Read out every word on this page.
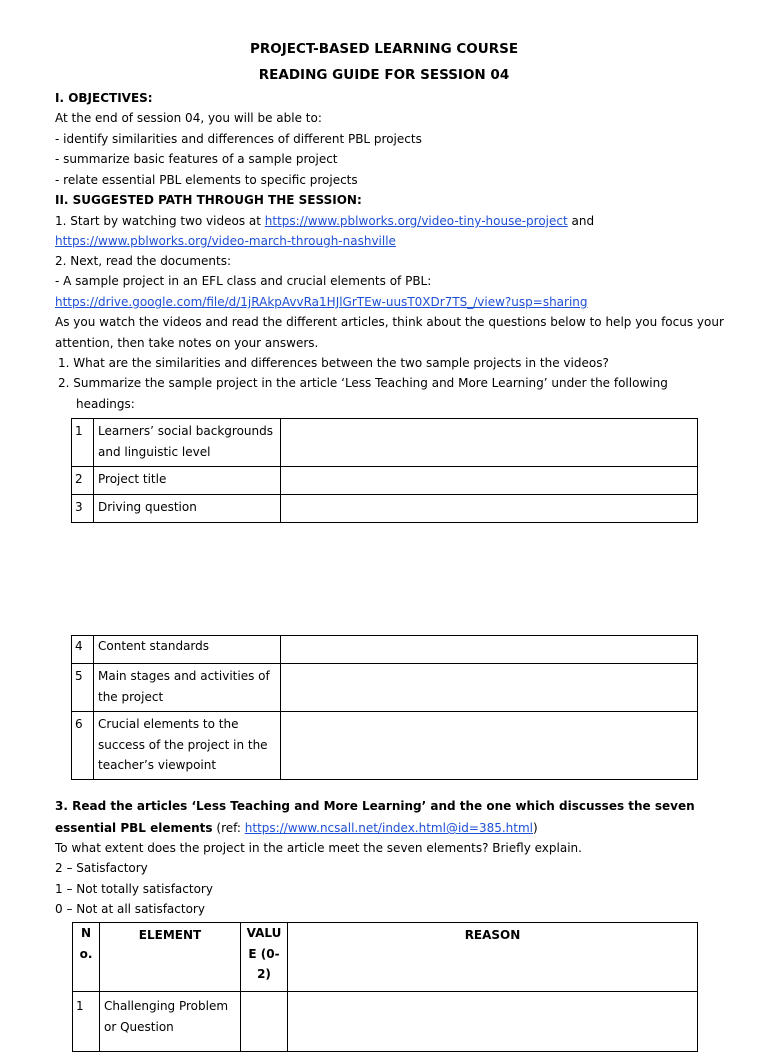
PROJECT-BASED LEARNING COURSE
READING GUIDE FOR SESSION 04
I. OBJECTIVES:
At the end of session 04, you will be able to:
- identify similarities and differences of different PBL projects
- summarize basic features of a sample project
- relate essential PBL elements to specific projects
II. SUGGESTED PATH THROUGH THE SESSION:
1. Start by watching two videos at https://www.pblworks.org/video-tiny-house-project and
https://www.pblworks.org/video-march-through-nashville
2. Next, read the documents:
- A sample project in an EFL class and crucial elements of PBL:
https://drive.google.com/file/d/1jRAkpAvvRa1HJlGrTEw-uusT0XDr7TS_/view?usp=sharing
As you watch the videos and read the different articles, think about the questions below to help you focus your
attention, then take notes on your answers.
1. What are the similarities and differences between the two sample projects in the videos?
2. Summarize the sample project in the article ‘Less Teaching and More Learning’ under the following
headings:
1	Learners’ social backgrounds and linguistic level	
2	Project title	
3	Driving question	
4	Content standards	
5	Main stages and activities of the project	
6	Crucial elements to the success of the project in the teacher’s viewpoint	
3. Read the articles ‘Less Teaching and More Learning’ and the one which discusses the seven
essential PBL elements (ref: https://www.ncsall.net/index.html@id=385.html)
To what extent does the project in the article meet the seven elements? Briefly explain.
2 – Satisfactory
1 – Not totally satisfactory
0 – Not at all satisfactory
No.	ELEMENT	VALUE (0-2)	REASON
1	Challenging Problem or Question		
